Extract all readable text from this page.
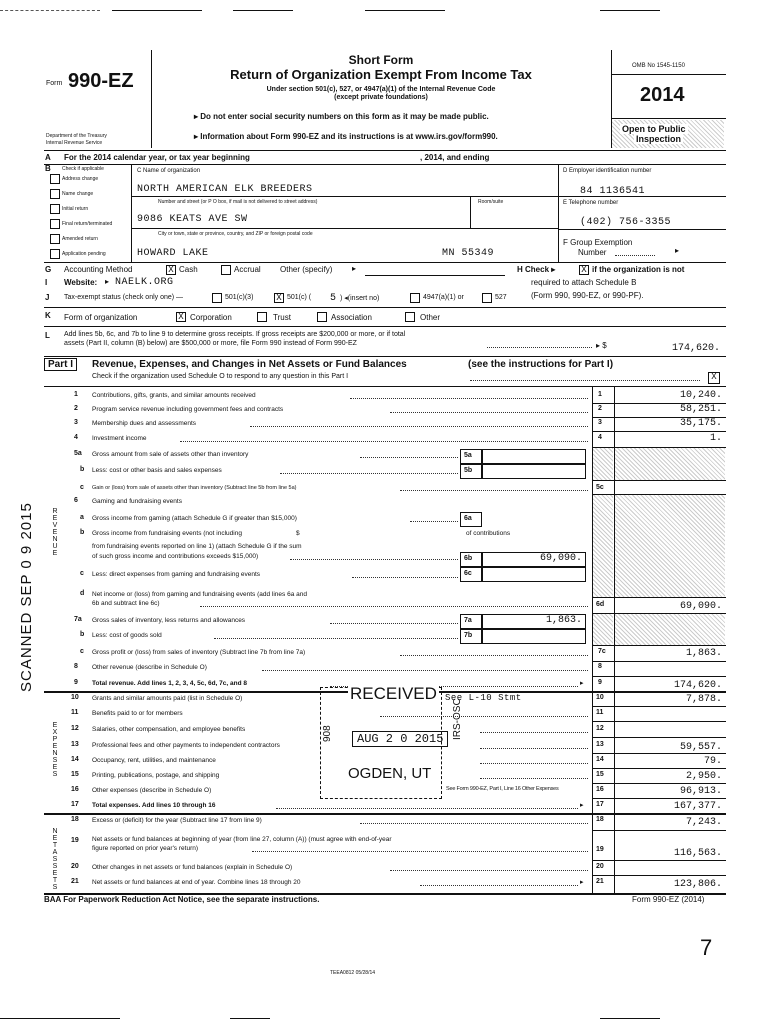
Form 990-EZ
Department of the Treasury
Internal Revenue Service
Short Form
Return of Organization Exempt From Income Tax
Under section 501(c), 527, or 4947(a)(1) of the Internal Revenue Code
(except private foundations)
▸ Do not enter social security numbers on this form as it may be made public.
▸ Information about Form 990-EZ and its instructions is at www.irs.gov/form990.
OMB No 1545-1150
2014
Open to Public
Inspection
A For the 2014 calendar year, or tax year beginning	, 2014, and ending
B Check if applicable
Address change
Name change
Initial return
Final return/terminated
Amended return
Application pending
C Name of organization
NORTH AMERICAN ELK BREEDERS
Number and street (or P O box, if mail is not delivered to street address)	Room/suite
9086 KEATS AVE SW
City or town, state or province, country, and ZIP or foreign postal code
HOWARD LAKE	MN 55349
D Employer identification number
84 1136541
E Telephone number
(402) 756-3355
F Group Exemption
Number	▸
G Accounting Method	X Cash	Accrual Other (specify) ▸	H Check ▸	X if the organization is not
required to attach Schedule B
(Form 990, 990-EZ, or 990-PF).
I Website: ▸ NAELK.ORG
J Tax-exempt status (check only one) —	501(c)(3)	X 501(c) ( 5 ) ◂(insert no)	4947(a)(1) or	527
K Form of organization	X Corporation	Trust	Association	Other
L Add lines 5b, 6c, and 7b to line 9 to determine gross receipts. If gross receipts are $200,000 or more, or if total
assets (Part II, column (B) below) are $500,000 or more, file Form 990 instead of Form 990-EZ	▸ $	174,620.
Part I	Revenue, Expenses, and Changes in Net Assets or Fund Balances	(see the instructions for Part I)
Check if the organization used Schedule O to respond to any question in this Part I	X
REVENUE
EXPENSES
NET ASSETS
1 Contributions, gifts, grants, and similar amounts received	1	10,240.
2 Program service revenue including government fees and contracts	2	58,251.
3 Membership dues and assessments	3	35,175.
4 Investment income	4	1.
5a Gross amount from sale of assets other than inventory	5a
b Less: cost or other basis and sales expenses	5b
c Gain or (loss) from sale of assets other than inventory (Subtract line 5b from line 5a)	5c
6 Gaming and fundraising events
a Gross income from gaming (attach Schedule G if greater than $15,000)	6a
b Gross income from fundraising events (not including	$	of contributions
from fundraising events reported on line 1) (attach Schedule G if the sum
of such gross income and contributions exceeds $15,000)	6b	69,090.
c Less: direct expenses from gaming and fundraising events	6c
d Net income or (loss) from gaming and fundraising events (add lines 6a and
6b and subtract line 6c)	6d	69,090.
7a Gross sales of inventory, less returns and allowances	7a	1,863.
b Less: cost of goods sold	7b
c Gross profit or (loss) from sales of inventory (Subtract line 7b from line 7a)	7c	1,863.
8 Other revenue (describe in Schedule O)	8
9 Total revenue. Add lines 1, 2, 3, 4, 5c, 6d, 7c, and 8	▸ 9	174,620.
10 Grants and similar amounts paid (list in Schedule O)	See L-10 Stmt	10	7,878.
11 Benefits paid to or for members	11
12 Salaries, other compensation, and employee benefits	12
13 Professional fees and other payments to independent contractors	13	59,557.
14 Occupancy, rent, utilities, and maintenance	14	79.
15 Printing, publications, postage, and shipping	15	2,950.
16 Other expenses (describe in Schedule O)	See Form 990-EZ, Part I, Line 16 Other Expenses	16	96,913.
17 Total expenses. Add lines 10 through 16	▸ 17	167,377.
18 Excess or (deficit) for the year (Subtract line 17 from line 9)	18	7,243.
19 Net assets or fund balances at beginning of year (from line 27, column (A)) (must agree with end-of-year
figure reported on prior year's return)	19	116,563.
20 Other changes in net assets or fund balances (explain in Schedule O)	20
21 Net assets or fund balances at end of year. Combine lines 18 through 20	▸ 21	123,806.
RECEIVED
AUG 2 0 2015
OGDEN, UT
IRS-OSC
908
SCANNED SEP 0 9 2015
BAA For Paperwork Reduction Act Notice, see the separate instructions.	Form 990-EZ (2014)
7
TEEA0812 05/28/14
